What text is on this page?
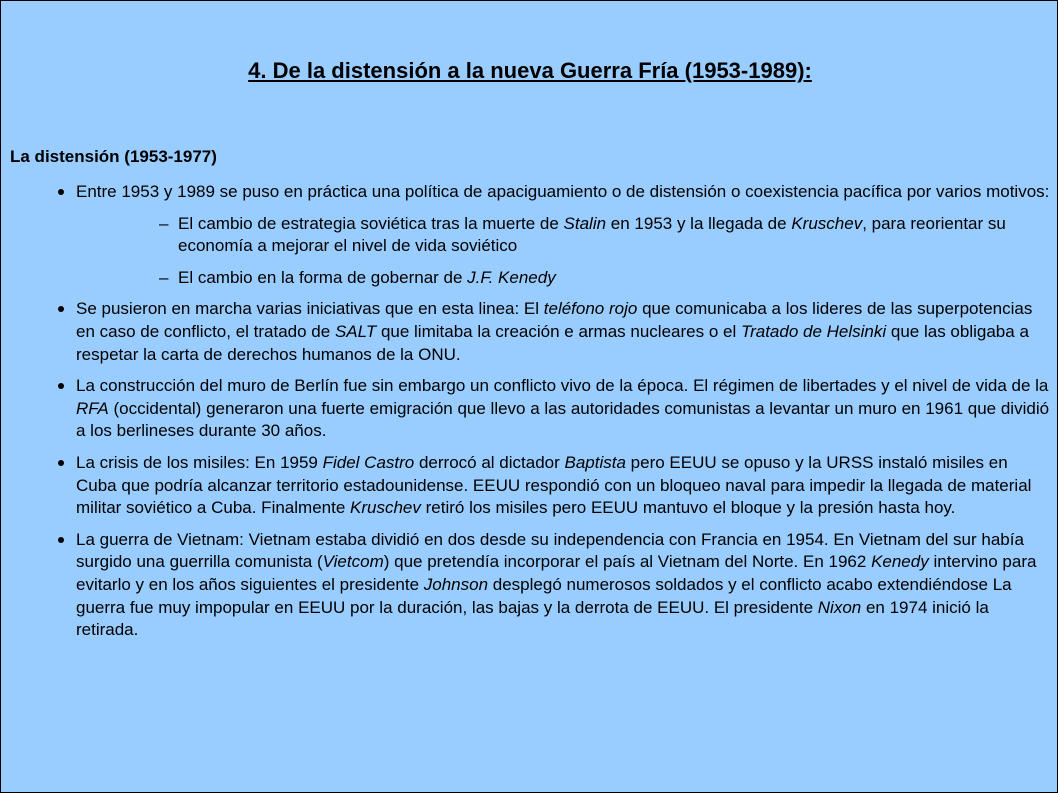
4. De la distensión a la nueva Guerra Fría (1953-1989):
La distensión (1953-1977)
Entre 1953 y 1989 se puso en práctica una política de apaciguamiento o de distensión o coexistencia pacífica por varios motivos:
– El cambio de estrategia soviética tras la muerte de Stalin en 1953 y la llegada de Kruschev, para reorientar su economía a mejorar el nivel de vida soviético
– El cambio en la forma de gobernar de J.F. Kenedy
Se pusieron en marcha varias iniciativas que en esta linea: El teléfono rojo que comunicaba a los lideres de las superpotencias en caso de conflicto, el tratado de SALT que limitaba la creación e armas nucleares o el Tratado de Helsinki que las obligaba a respetar la carta de derechos humanos de la ONU.
La construcción del muro de Berlín fue sin embargo un conflicto vivo de la época. El régimen de libertades y el nivel de vida de la RFA (occidental) generaron una fuerte emigración que llevo a las autoridades comunistas a levantar un muro en 1961 que dividió a los berlineses durante 30 años.
La crisis de los misiles: En 1959 Fidel Castro derrocó al dictador Baptista pero EEUU se opuso y la URSS instaló misiles en Cuba que podría alcanzar territorio estadounidense. EEUU respondió con un bloqueo naval para impedir la llegada de material militar soviético a Cuba. Finalmente Kruschev retiró los misiles pero EEUU mantuvo el bloque y la presión hasta hoy.
La guerra de Vietnam: Vietnam estaba dividió en dos desde su independencia con Francia en 1954. En Vietnam del sur había surgido una guerrilla comunista (Vietcom) que pretendía incorporar el país al Vietnam del Norte. En 1962 Kenedy intervino para evitarlo y en los años siguientes el presidente Johnson desplegó numerosos soldados y el conflicto acabo extendiéndose La guerra fue muy impopular en EEUU por la duración, las bajas y la derrota de EEUU. El presidente Nixon en 1974 inició la retirada.
